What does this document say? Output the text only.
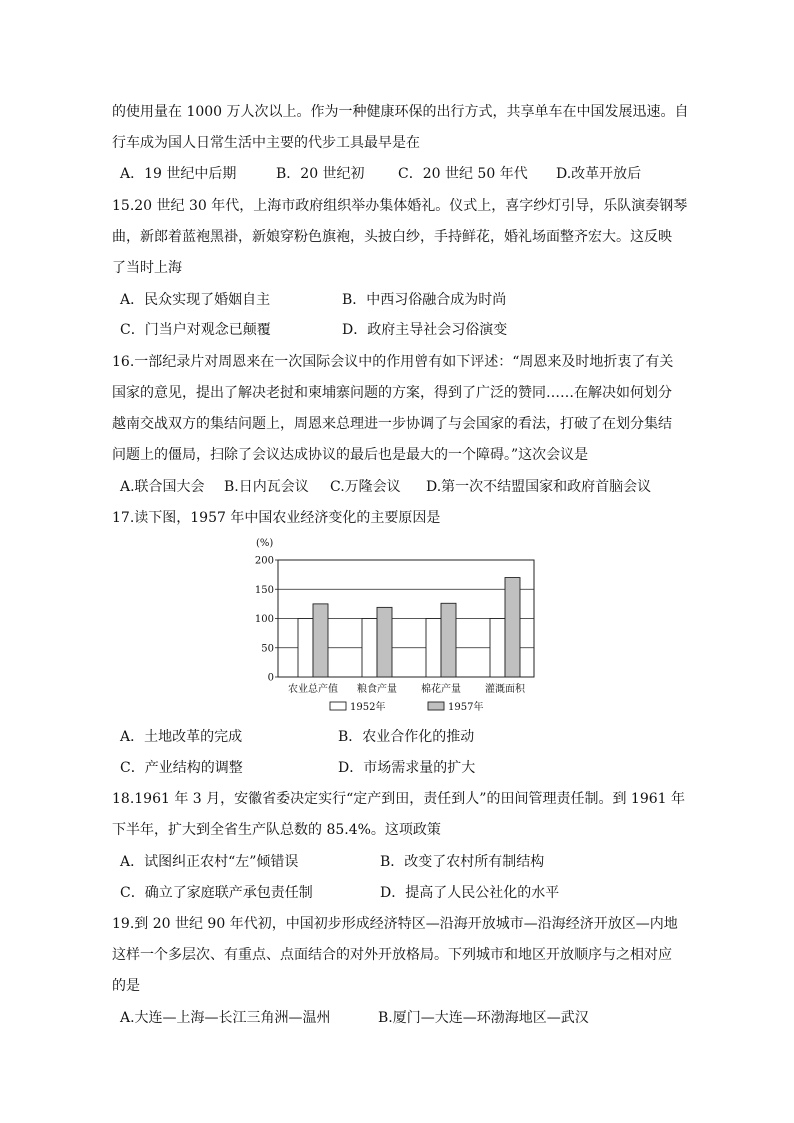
的使用量在 1000 万人次以上。作为一种健康环保的出行方式，共享单车在中国发展迅速。自
行车成为国人日常生活中主要的代步工具最早是在
A．19 世纪中后期	B．20 世纪初 C．20 世纪 50 年代 D.改革开放后
15.20 世纪 30 年代，上海市政府组织举办集体婚礼。仪式上，喜字纱灯引导，乐队演奏钢琴
曲，新郎着蓝袍黑褂，新娘穿粉色旗袍，头披白纱，手持鲜花，婚礼场面整齐宏大。这反映
了当时上海
A．民众实现了婚姻自主	B．中西习俗融合成为时尚
C．门当户对观念已颠覆	D．政府主导社会习俗演变
16.一部纪录片对周恩来在一次国际会议中的作用曾有如下评述：“周恩来及时地折衷了有关
国家的意见，提出了解决老挝和柬埔寨问题的方案，得到了广泛的赞同……在解决如何划分
越南交战双方的集结问题上，周恩来总理进一步协调了与会国家的看法，打破了在划分集结
问题上的僵局，扫除了会议达成协议的最后也是最大的一个障碍。”这次会议是
A.联合国大会 B.日内瓦会议 C.万隆会议 D.第一次不结盟国家和政府首脑会议
17.读下图，1957 年中国农业经济变化的主要原因是
(%)
0
50
100
150
200
农业总产值 粮食产量 棉花产量 灌溉面积
1952年	1957年
A．土地改革的完成	B．农业合作化的推动
C．产业结构的调整	D．市场需求量的扩大
18.1961 年 3 月，安徽省委决定实行“定产到田，责任到人”的田间管理责任制。到 1961 年
下半年，扩大到全省生产队总数的 85.4%。这项政策
A．试图纠正农村“左”倾错误	B．改变了农村所有制结构
C．确立了家庭联产承包责任制	D．提高了人民公社化的水平
19.到 20 世纪 90 年代初，中国初步形成经济特区—沿海开放城市—沿海经济开放区—内地
这样一个多层次、有重点、点面结合的对外开放格局。下列城市和地区开放顺序与之相对应
的是
A.大连—上海—长江三角洲—温州	B.厦门—大连—环渤海地区—武汉
